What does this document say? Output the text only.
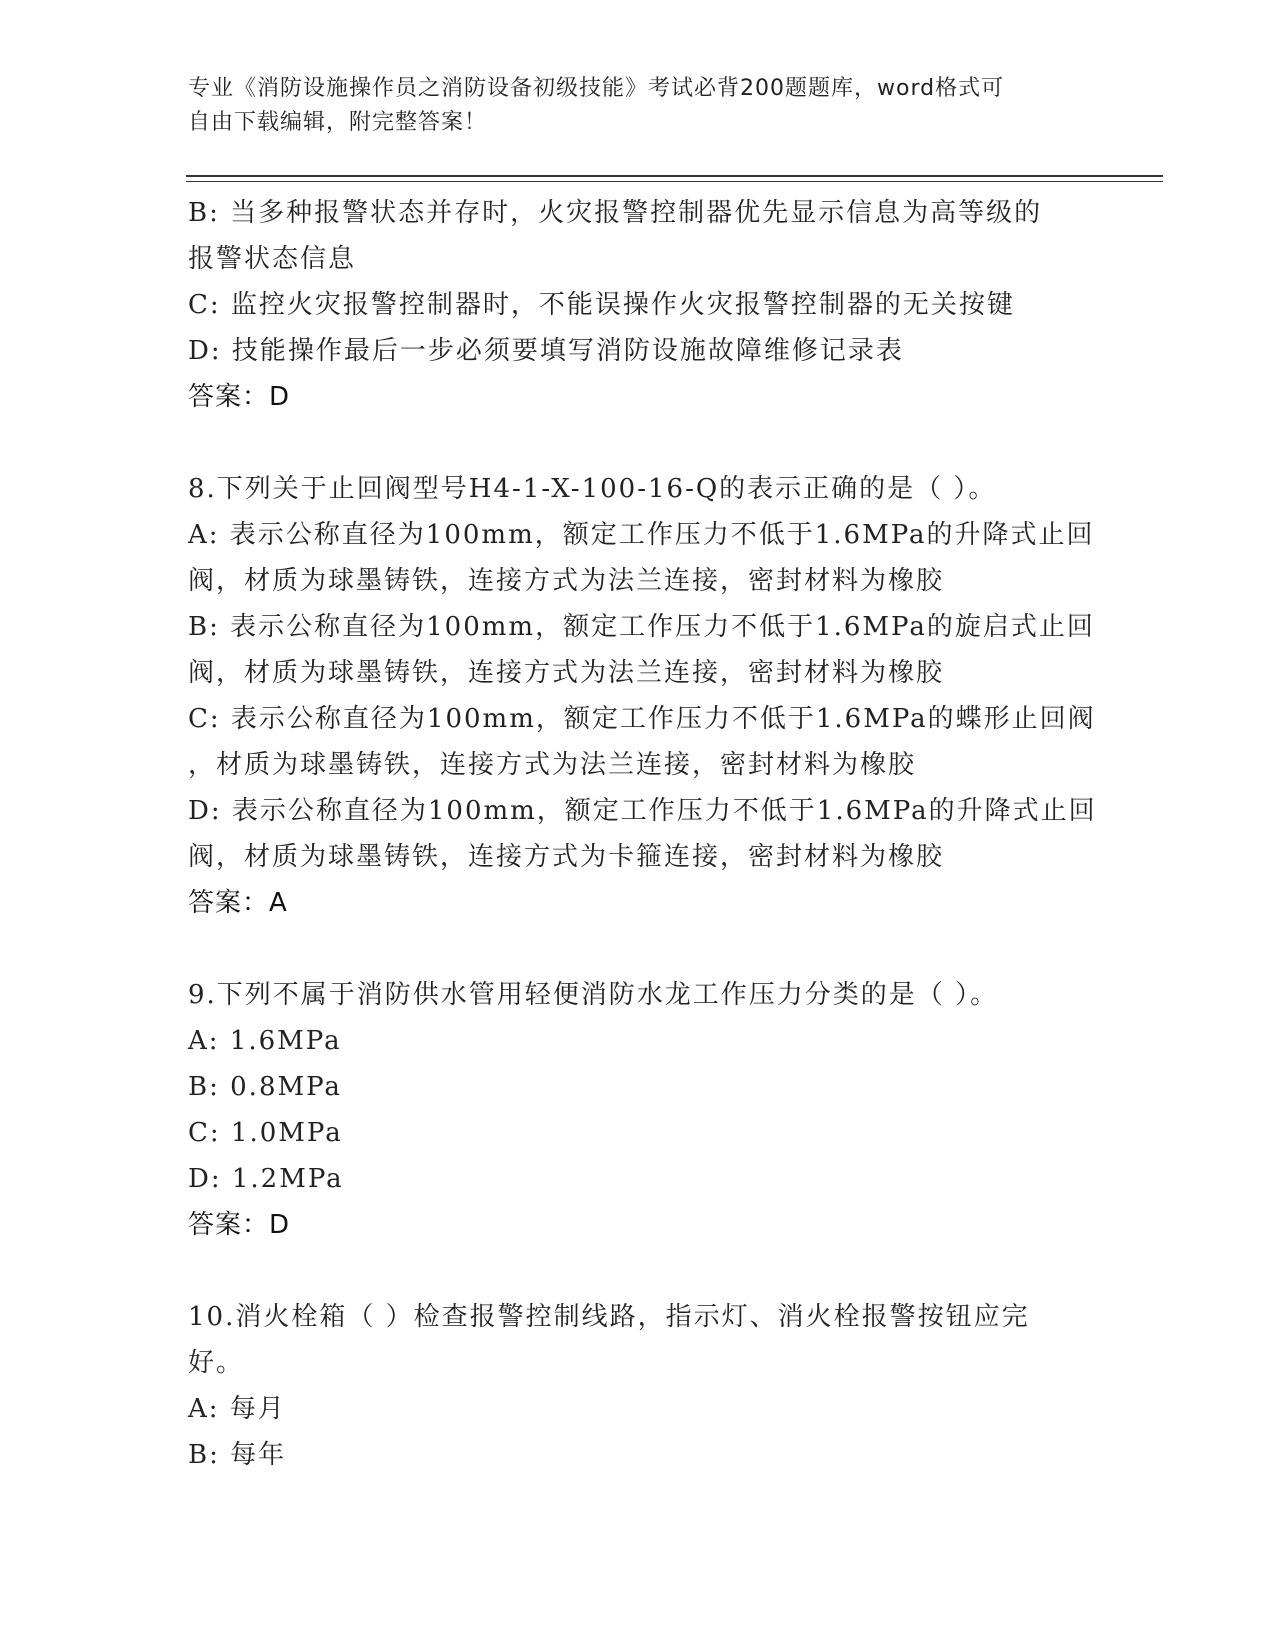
专业《消防设施操作员之消防设备初级技能》考试必背200题题库，word格式可
自由下载编辑，附完整答案！
B: 当多种报警状态并存时，火灾报警控制器优先显示信息为高等级的
报警状态信息
C: 监控火灾报警控制器时，不能误操作火灾报警控制器的无关按键
D: 技能操作最后一步必须要填写消防设施故障维修记录表
答案：D
8.下列关于止回阀型号H4-1-X-100-16-Q的表示正确的是（ ）。
A: 表示公称直径为100mm，额定工作压力不低于1.6MPa的升降式止回
阀，材质为球墨铸铁，连接方式为法兰连接，密封材料为橡胶
B: 表示公称直径为100mm，额定工作压力不低于1.6MPa的旋启式止回
阀，材质为球墨铸铁，连接方式为法兰连接，密封材料为橡胶
C: 表示公称直径为100mm，额定工作压力不低于1.6MPa的蝶形止回阀
，材质为球墨铸铁，连接方式为法兰连接，密封材料为橡胶
D: 表示公称直径为100mm，额定工作压力不低于1.6MPa的升降式止回
阀，材质为球墨铸铁，连接方式为卡箍连接，密封材料为橡胶
答案：A
9.下列不属于消防供水管用轻便消防水龙工作压力分类的是（ ）。
A: 1.6MPa
B: 0.8MPa
C: 1.0MPa
D: 1.2MPa
答案：D
10.消火栓箱（ ）检查报警控制线路，指示灯、消火栓报警按钮应完
好。
A: 每月
B: 每年
